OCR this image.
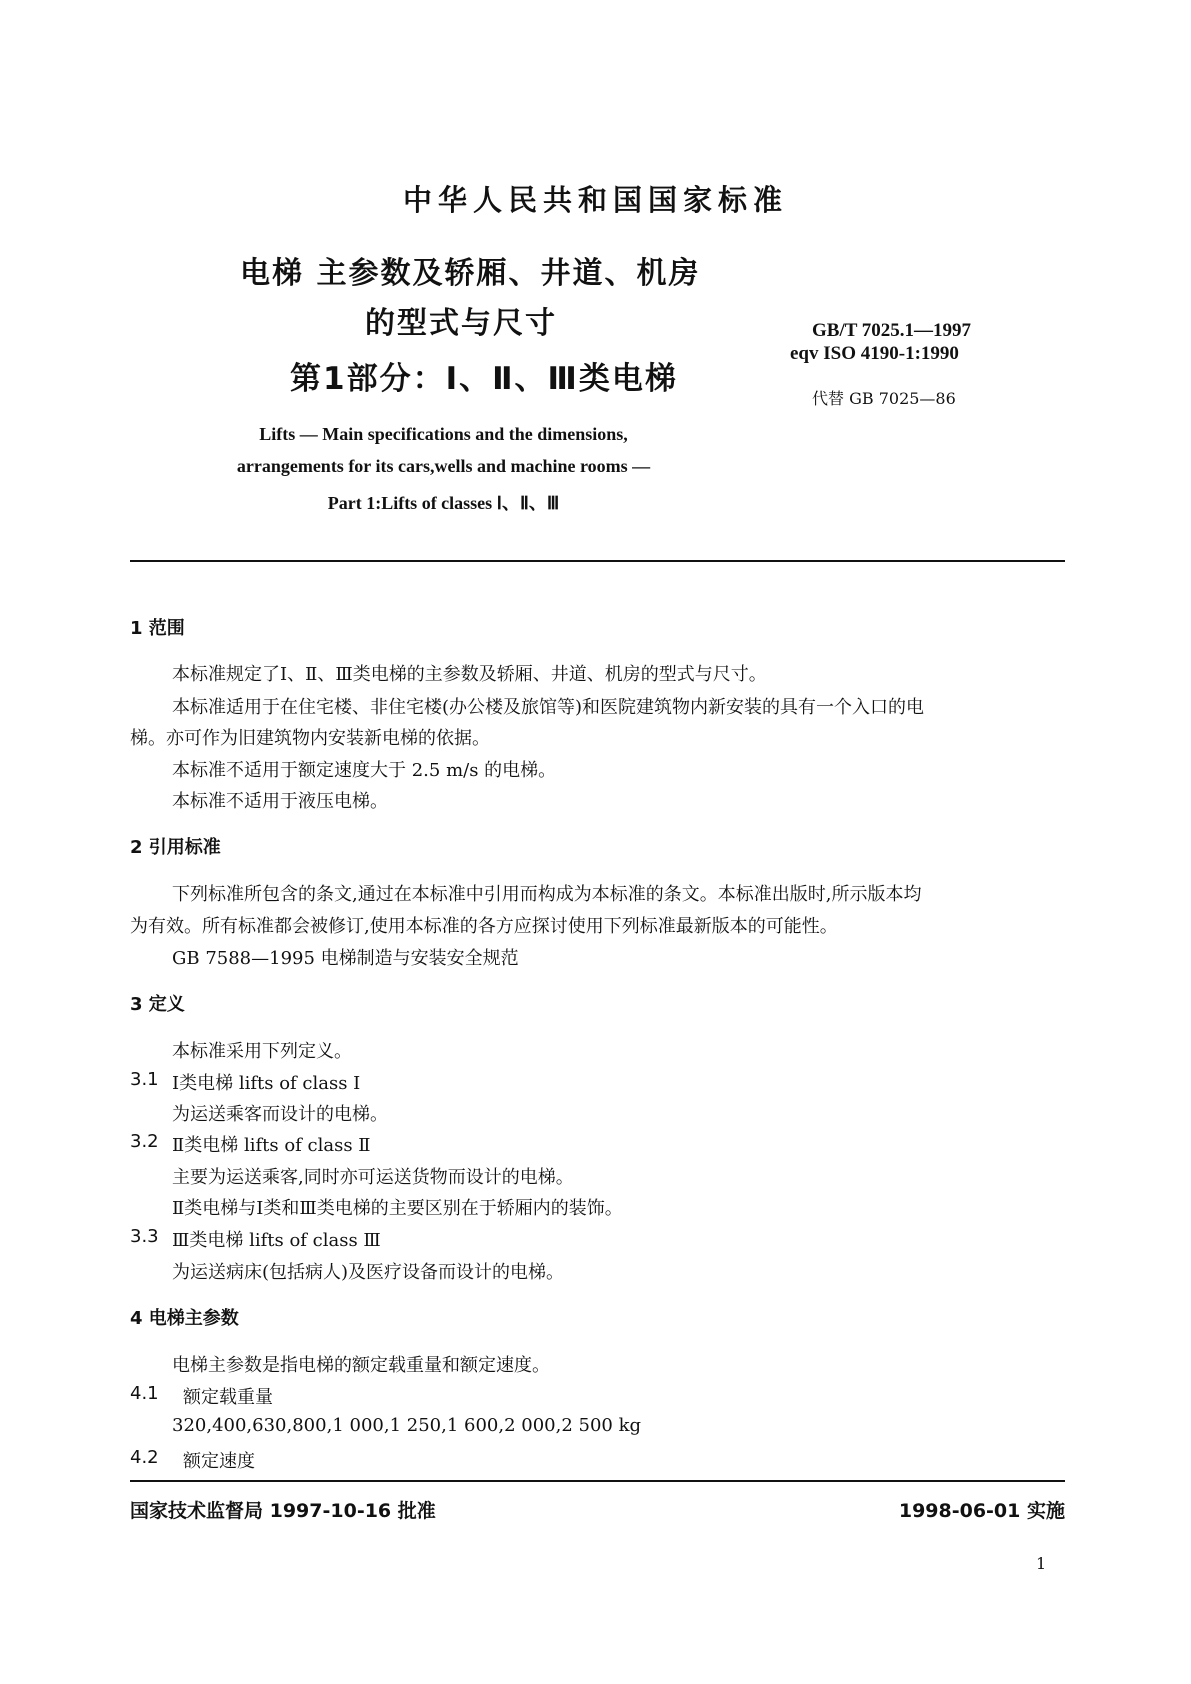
中华人民共和国国家标准
电梯 主参数及轿厢、井道、机房
的型式与尺寸
第1部分：Ⅰ、Ⅱ、Ⅲ类电梯
GB/T 7025.1—1997
eqv ISO 4190-1:1990
代替 GB 7025—86
Lifts — Main specifications and the dimensions,
arrangements for its cars,wells and machine rooms —
Part 1:Lifts of classes Ⅰ、Ⅱ、Ⅲ
1 范围
本标准规定了Ⅰ、Ⅱ、Ⅲ类电梯的主参数及轿厢、井道、机房的型式与尺寸。
本标准适用于在住宅楼、非住宅楼(办公楼及旅馆等)和医院建筑物内新安装的具有一个入口的电
梯。亦可作为旧建筑物内安装新电梯的依据。
本标准不适用于额定速度大于 2.5 m/s 的电梯。
本标准不适用于液压电梯。
2 引用标准
下列标准所包含的条文,通过在本标准中引用而构成为本标准的条文。本标准出版时,所示版本均
为有效。所有标准都会被修订,使用本标准的各方应探讨使用下列标准最新版本的可能性。
GB 7588—1995 电梯制造与安装安全规范
3 定义
本标准采用下列定义。
3.1 Ⅰ类电梯 lifts of class Ⅰ
为运送乘客而设计的电梯。
3.2 Ⅱ类电梯 lifts of class Ⅱ
主要为运送乘客,同时亦可运送货物而设计的电梯。
Ⅱ类电梯与Ⅰ类和Ⅲ类电梯的主要区别在于轿厢内的装饰。
3.3 Ⅲ类电梯 lifts of class Ⅲ
为运送病床(包括病人)及医疗设备而设计的电梯。
4 电梯主参数
电梯主参数是指电梯的额定载重量和额定速度。
4.1 额定载重量
320,400,630,800,1 000,1 250,1 600,2 000,2 500 kg
4.2 额定速度
国家技术监督局 1997-10-16 批准	1998-06-01 实施
1
